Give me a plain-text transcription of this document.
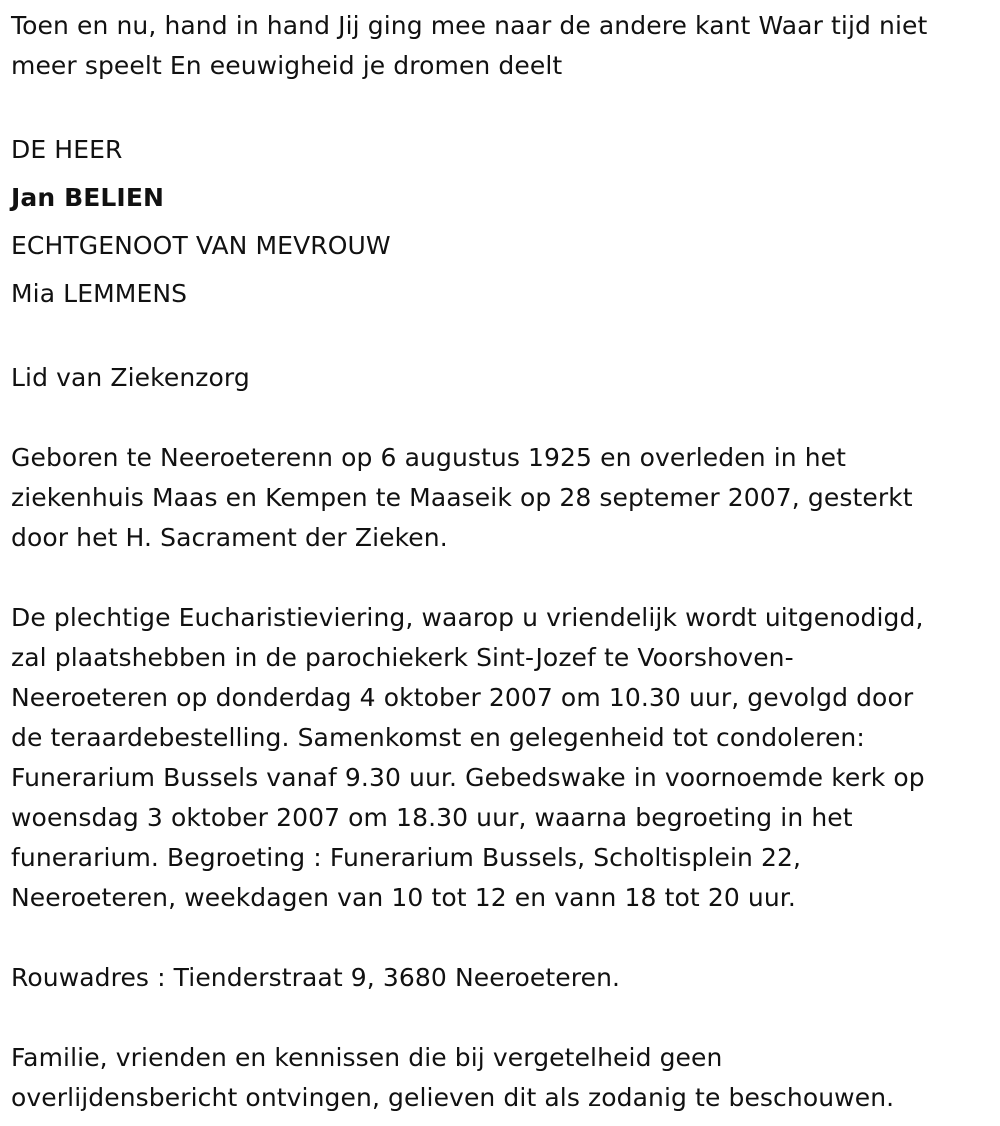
Toen en nu, hand in hand Jij ging mee naar de andere kant Waar tijd niet
meer speelt En eeuwigheid je dromen deelt

DE HEER
Jan BELIEN
ECHTGENOOT VAN MEVROUW
Mia LEMMENS

Lid van Ziekenzorg

Geboren te Neeroeterenn op 6 augustus 1925 en overleden in het
ziekenhuis Maas en Kempen te Maaseik op 28 septemer 2007, gesterkt
door het H. Sacrament der Zieken.

De plechtige Eucharistieviering, waarop u vriendelijk wordt uitgenodigd,
zal plaatshebben in de parochiekerk Sint-Jozef te Voorshoven-
Neeroeteren op donderdag 4 oktober 2007 om 10.30 uur, gevolgd door
de teraardebestelling. Samenkomst en gelegenheid tot condoleren:
Funerarium Bussels vanaf 9.30 uur. Gebedswake in voornoemde kerk op
woensdag 3 oktober 2007 om 18.30 uur, waarna begroeting in het
funerarium. Begroeting : Funerarium Bussels, Scholtisplein 22,
Neeroeteren, weekdagen van 10 tot 12 en vann 18 tot 20 uur.

Rouwadres : Tienderstraat 9, 3680 Neeroeteren.

Familie, vrienden en kennissen die bij vergetelheid geen
overlijdensbericht ontvingen, gelieven dit als zodanig te beschouwen.
